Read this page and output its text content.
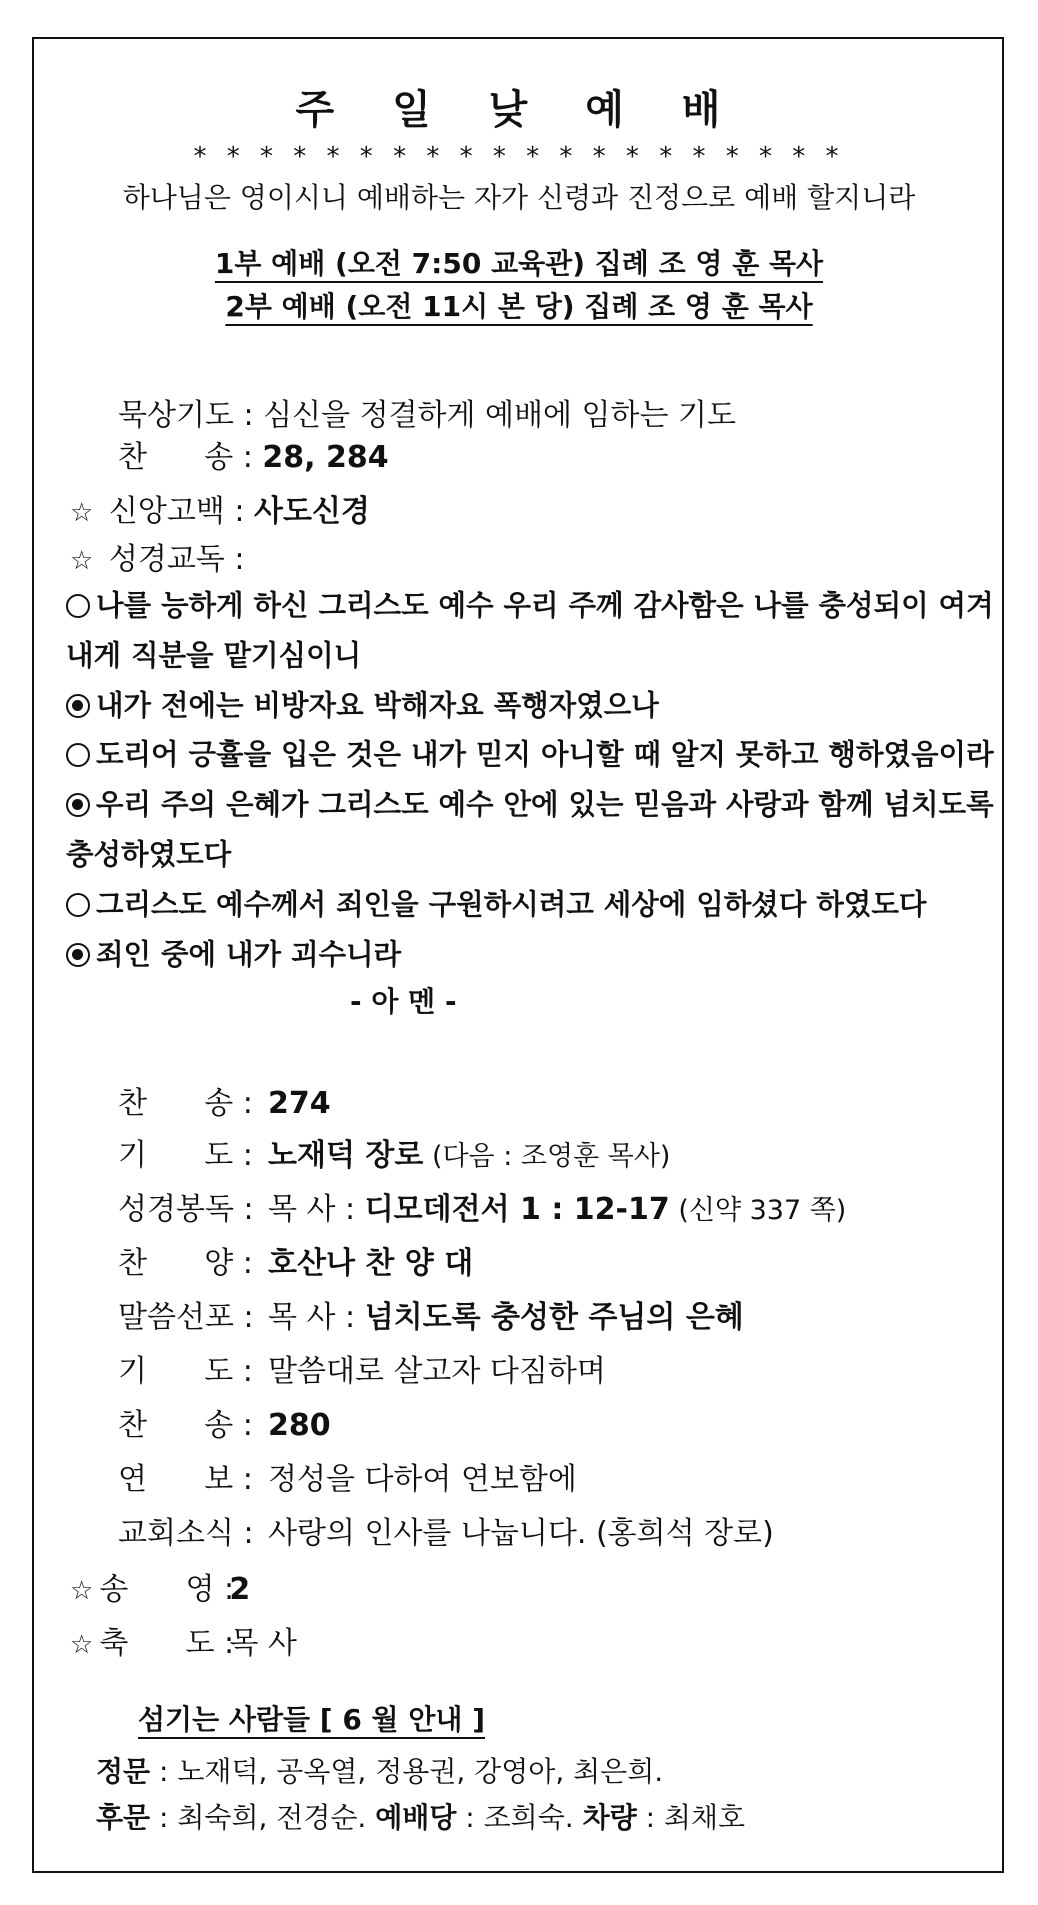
주 일 낮 예 배
* * * * * * * * * * * * * * * * * * * *
하나님은 영이시니 예배하는 자가 신령과 진정으로 예배 할지니라
1부 예배 (오전 7:50 교육관) 집례 조 영 훈 목사
2부 예배 (오전 11시 본 당) 집례 조 영 훈 목사
묵상기도 : 심신을 정결하게 예배에 임하는 기도
찬      송 : 28, 284
☆ 신앙고백 : 사도신경
☆ 성경교독 :
나를 능하게 하신 그리스도 예수 우리 주께 감사함은 나를 충성되이 여겨
내게 직분을 맡기심이니
내가 전에는 비방자요 박해자요 폭행자였으나
도리어 긍휼을 입은 것은 내가 믿지 아니할 때 알지 못하고 행하였음이라
우리 주의 은혜가 그리스도 예수 안에 있는 믿음과 사랑과 함께 넘치도록
충성하였도다
그리스도 예수께서 죄인을 구원하시려고 세상에 임하셨다 하였도다
죄인 중에 내가 괴수니라
- 아 멘 -
찬      송 : 274
기      도 : 노재덕 장로 (다음 : 조영훈 목사)
성경봉독 : 목 사 : 디모데전서 1 : 12-17 (신약 337 쪽)
찬      양 : 호산나 찬 양 대
말씀선포 : 목 사 : 넘치도록 충성한 주님의 은혜
기      도 : 말씀대로 살고자 다짐하며
찬      송 : 280
연      보 : 정성을 다하여 연보함에
교회소식 : 사랑의 인사를 나눕니다. (홍희석 장로)
☆ 송      영 :2
☆ 축      도 :목 사
섬기는 사람들 [ 6 월 안내 ]
정문 : 노재덕, 공옥열, 정용권, 강영아, 최은희.
후문 : 최숙희, 전경순. 예배당 : 조희숙. 차량 : 최채호
